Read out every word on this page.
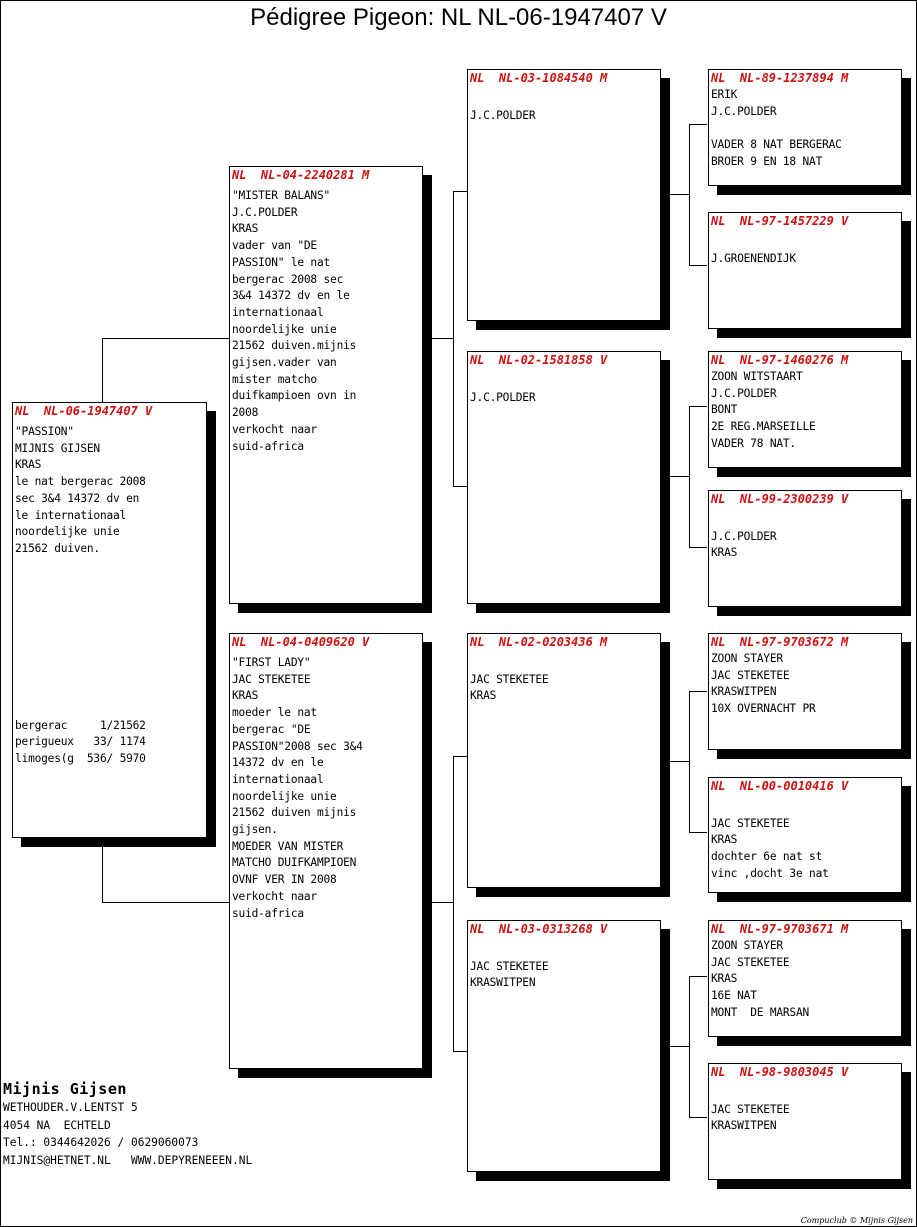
Pédigree Pigeon: NL NL-06-1947407 V
NL  NL-06-1947407 V
"PASSION"
MIJNIS GIJSEN
KRAS
le nat bergerac 2008
sec 3&4 14372 dv en
le internationaal
noordelijke unie
21562 duiven.
bergerac     1/21562
perigueux   33/ 1174
limoges(g  536/ 5970
NL  NL-04-2240281 M
"MISTER BALANS"
J.C.POLDER
KRAS
vader van "DE
PASSION" le nat
bergerac 2008 sec
3&4 14372 dv en le
internationaal
noordelijke unie
21562 duiven.mijnis
gijsen.vader van
mister matcho
duifkampioen ovn in
2008
verkocht naar
suid-africa
NL  NL-04-0409620 V
"FIRST LADY"
JAC STEKETEE
KRAS
moeder le nat
bergerac "DE
PASSION"2008 sec 3&4
14372 dv en le
internationaal
noordelijke unie
21562 duiven mijnis
gijsen.
MOEDER VAN MISTER
MATCHO DUIFKAMPIOEN
OVNF VER IN 2008
verkocht naar
suid-africa
NL  NL-03-1084540 M
J.C.POLDER
NL  NL-02-1581858 V
J.C.POLDER
NL  NL-02-0203436 M
JAC STEKETEE
KRAS
NL  NL-03-0313268 V
JAC STEKETEE
KRASWITPEN
NL  NL-89-1237894 M
ERIK
J.C.POLDER
VADER 8 NAT BERGERAC
BROER 9 EN 18 NAT
NL  NL-97-1457229 V
J.GROENENDIJK
NL  NL-97-1460276 M
ZOON WITSTAART
J.C.POLDER
BONT
2E REG.MARSEILLE
VADER 78 NAT.
NL  NL-99-2300239 V
J.C.POLDER
KRAS
NL  NL-97-9703672 M
ZOON STAYER
JAC STEKETEE
KRASWITPEN
10X OVERNACHT PR
NL  NL-00-0010416 V
JAC STEKETEE
KRAS
dochter 6e nat st
vinc ,docht 3e nat
NL  NL-97-9703671 M
ZOON STAYER
JAC STEKETEE
KRAS
16E NAT
MONT  DE MARSAN
NL  NL-98-9803045 V
JAC STEKETEE
KRASWITPEN
Mijnis Gijsen
WETHOUDER.V.LENTST 5
4054 NA  ECHTELD
Tel.: 0344642026 / 0629060073
MIJNIS@HETNET.NL   WWW.DEPYRENEEEN.NL
Compuclub © Mijnis Gijsen
